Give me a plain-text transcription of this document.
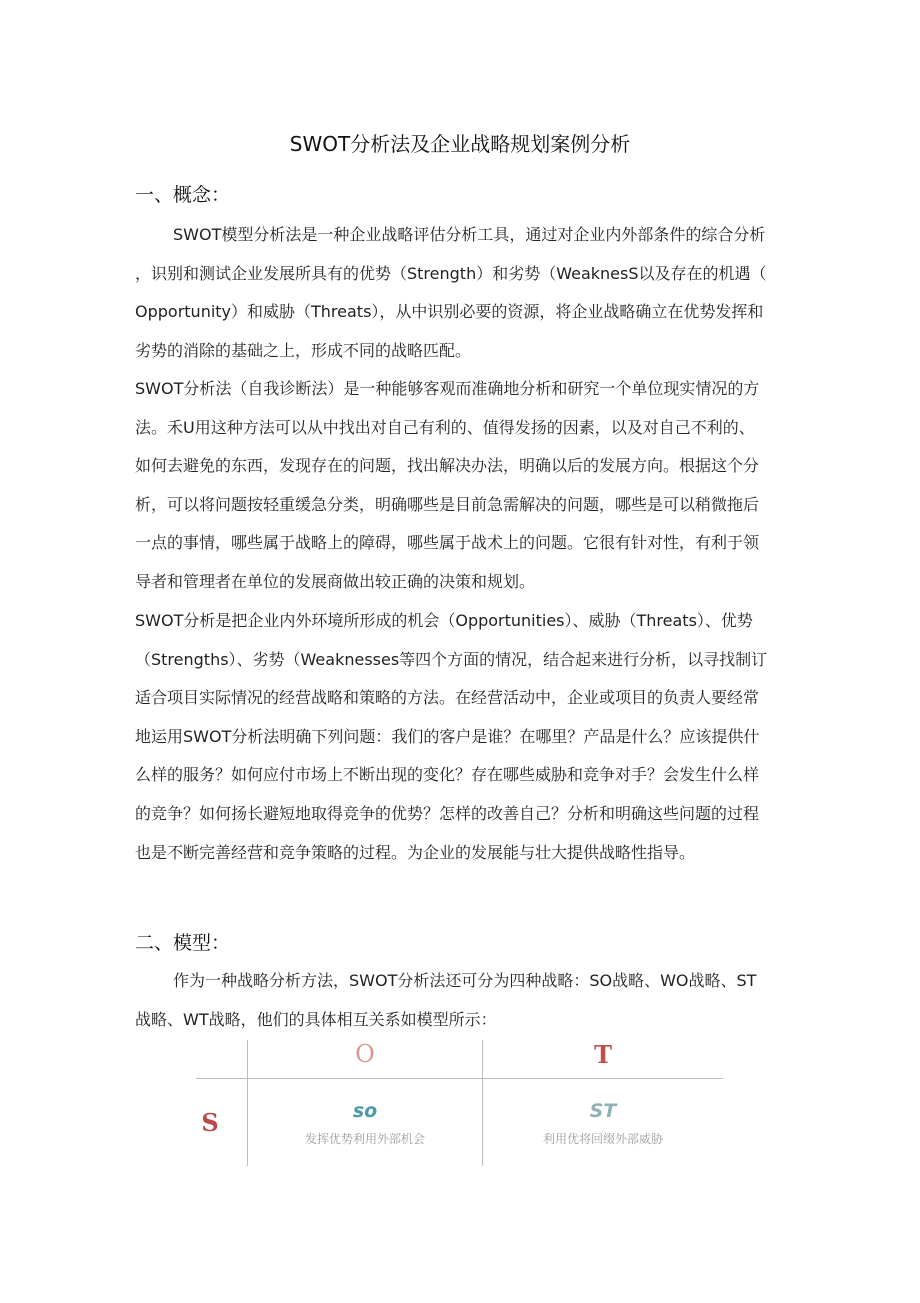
SWOT分析法及企业战略规划案例分析
一、概念：
SWOT模型分析法是一种企业战略评估分析工具，通过对企业内外部条件的综合分析
，识别和测试企业发展所具有的优势（Strength）和劣势（WeaknesS以及存在的机遇（
Opportunity）和威胁（Threats），从中识别必要的资源，将企业战略确立在优势发挥和
劣势的消除的基础之上，形成不同的战略匹配。
SWOT分析法（自我诊断法）是一种能够客观而准确地分析和研究一个单位现实情况的方
法。禾U用这种方法可以从中找出对自己有利的、值得发扬的因素，以及对自己不利的、
如何去避免的东西，发现存在的问题，找出解决办法，明确以后的发展方向。根据这个分
析，可以将问题按轻重缓急分类，明确哪些是目前急需解决的问题，哪些是可以稍微拖后
一点的事情，哪些属于战略上的障碍，哪些属于战术上的问题。它很有针对性，有利于领
导者和管理者在单位的发展商做出较正确的决策和规划。
SWOT分析是把企业内外环境所形成的机会（Opportunities）、威胁（Threats）、优势
（Strengths）、劣势（Weaknesses等四个方面的情况，结合起来进行分析，以寻找制订
适合项目实际情况的经营战略和策略的方法。在经营活动中，企业或项目的负责人要经常
地运用SWOT分析法明确下列问题：我们的客户是谁？在哪里？产品是什么？应该提供什
么样的服务？如何应付市场上不断出现的变化？存在哪些威胁和竞争对手？会发生什么样
的竞争？如何扬长避短地取得竞争的优势？怎样的改善自己？分析和明确这些问题的过程
也是不断完善经营和竞争策略的过程。为企业的发展能与壮大提供战略性指导。
二、模型：
作为一种战略分析方法，SWOT分析法还可分为四种战略：SO战略、WO战略、ST
战略、WT战略，他们的具体相互关系如模型所示：
O	T
S	so
发挥优势利用外部机会
ST
利用优将回缀外部威胁
